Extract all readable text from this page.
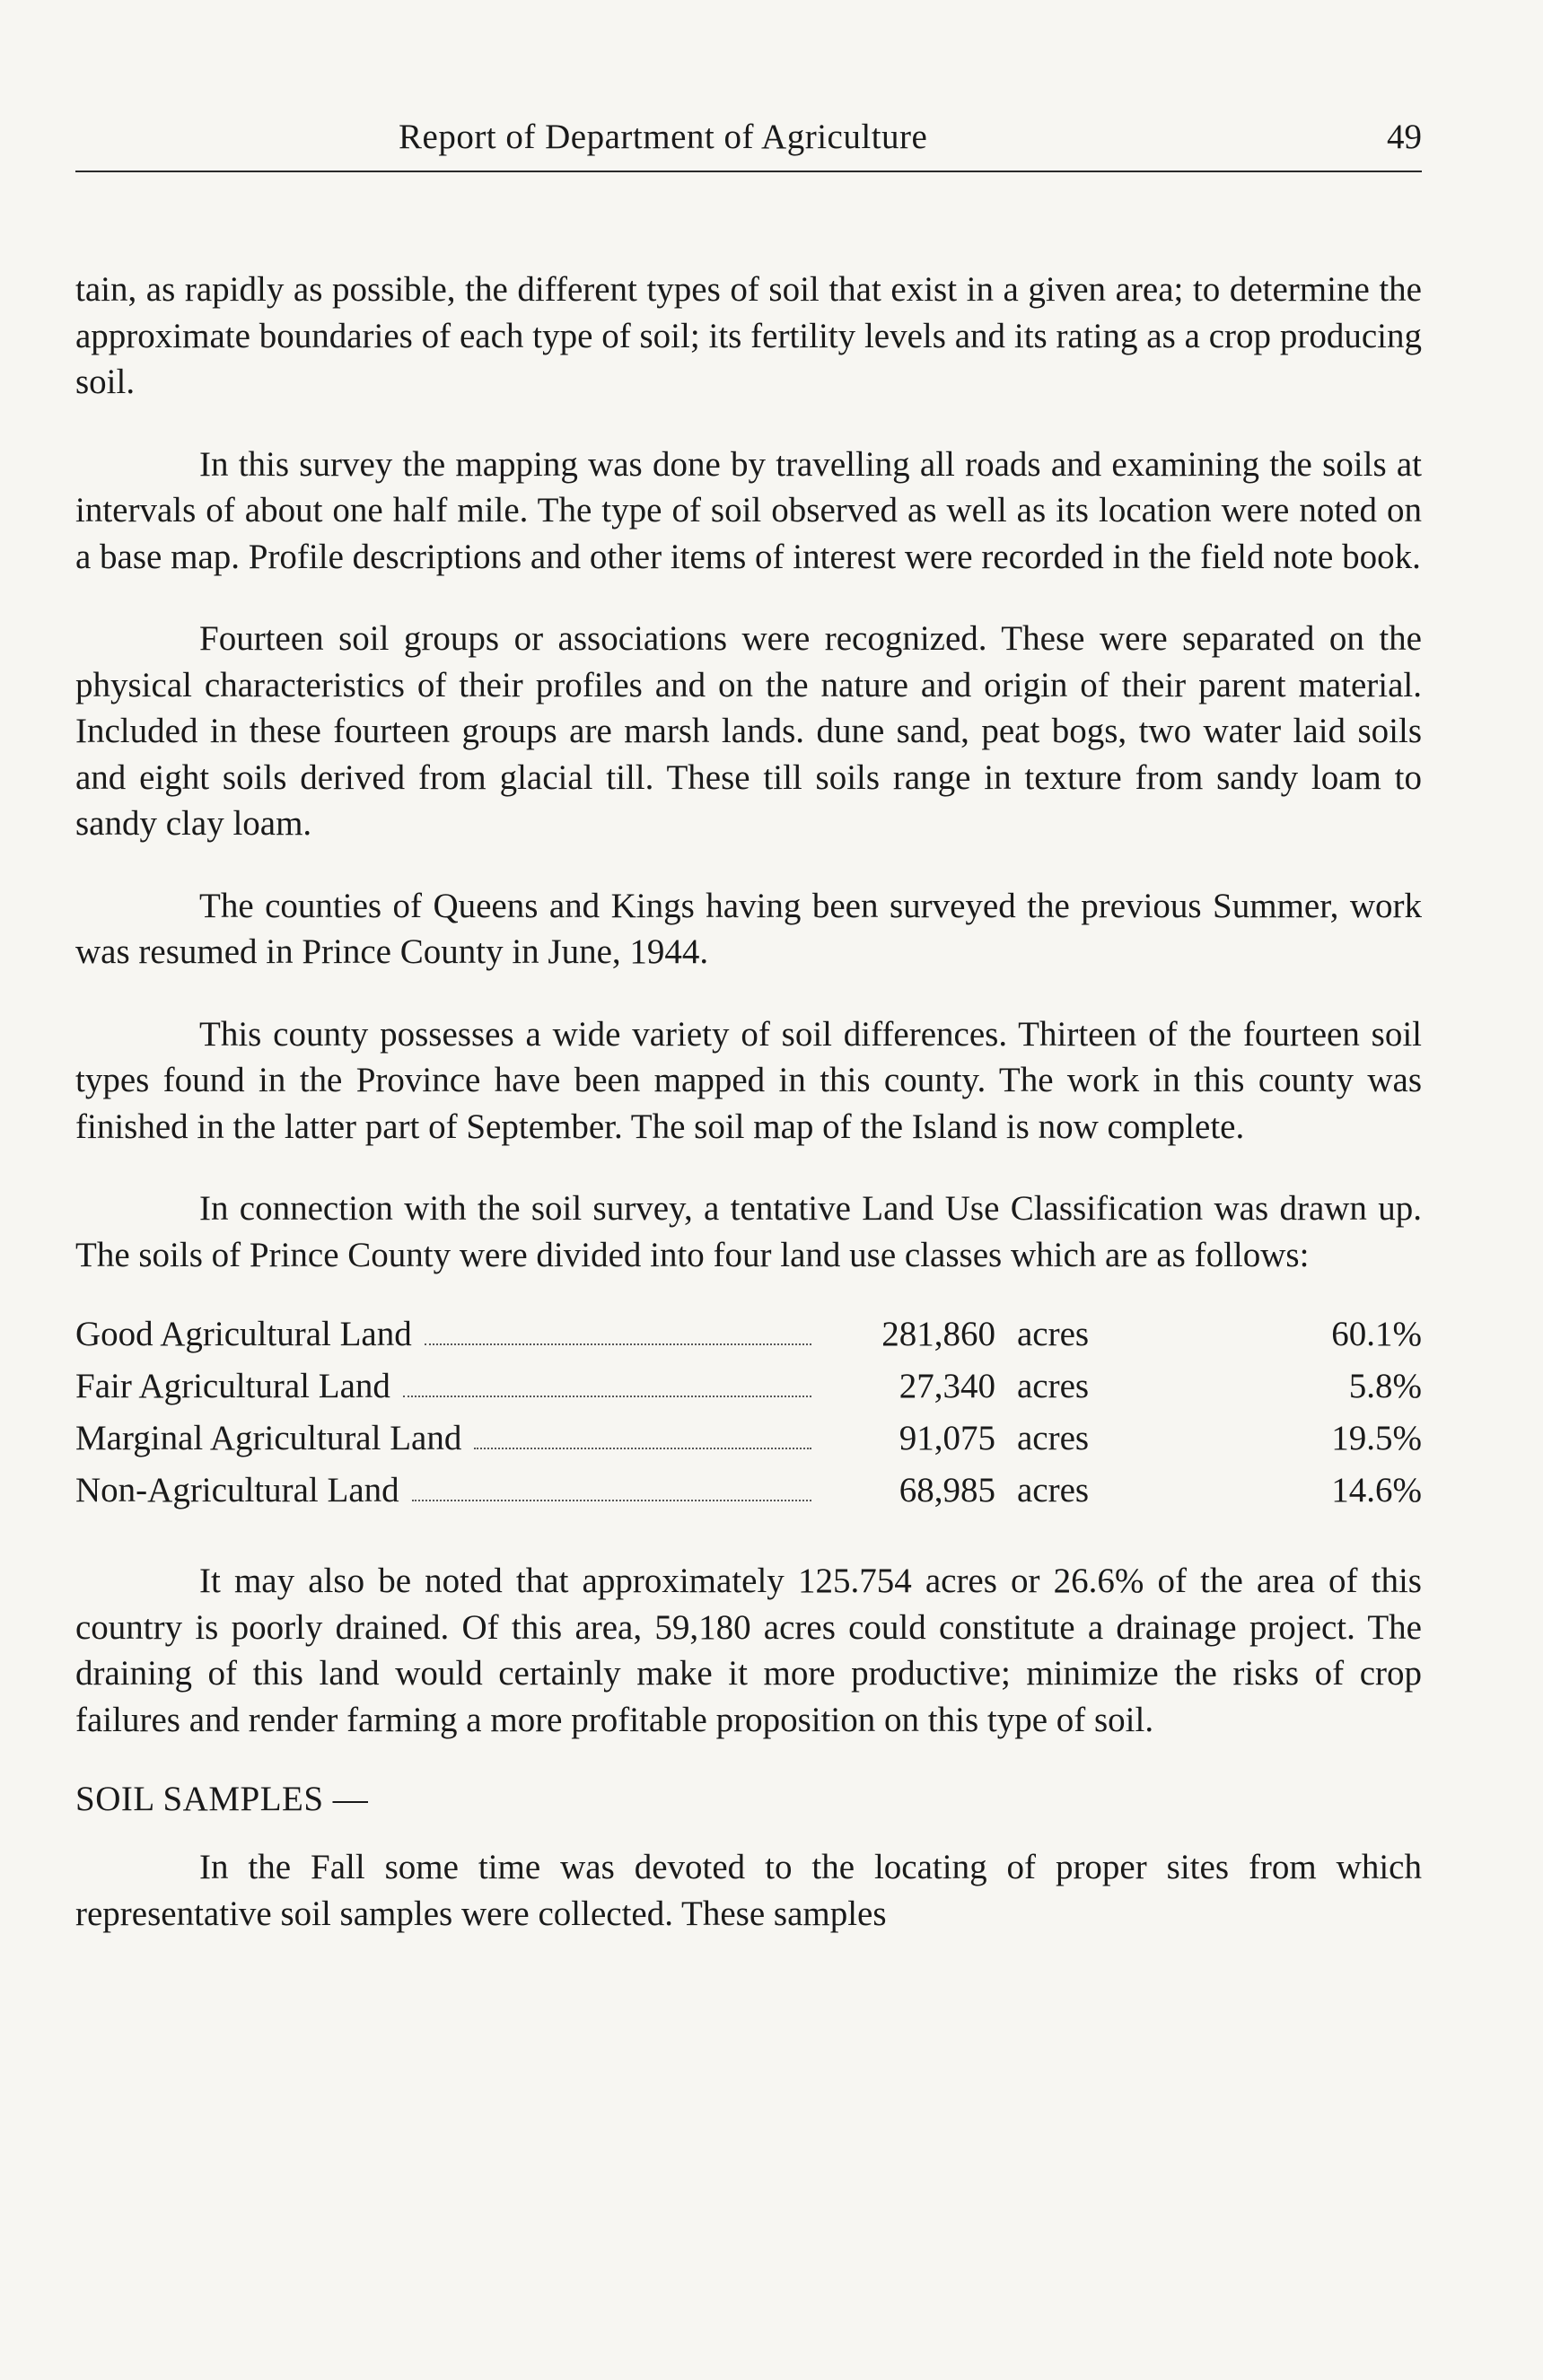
Report of Department of Agriculture	49

tain, as rapidly as possible, the different types of soil that exist in a given area; to determine the approximate boundaries of each type of soil; its fertility levels and its rating as a crop producing soil.

In this survey the mapping was done by travelling all roads and examining the soils at intervals of about one half mile. The type of soil observed as well as its location were noted on a base map. Profile descriptions and other items of interest were recorded in the field note book.

Fourteen soil groups or associations were recognized. These were separated on the physical characteristics of their profiles and on the nature and origin of their parent material. Included in these fourteen groups are marsh lands. dune sand, peat bogs, two water laid soils and eight soils derived from glacial till. These till soils range in texture from sandy loam to sandy clay loam.

The counties of Queens and Kings having been surveyed the previous Summer, work was resumed in Prince County in June, 1944.

This county possesses a wide variety of soil differences. Thirteen of the fourteen soil types found in the Province have been mapped in this county. The work in this county was finished in the latter part of September. The soil map of the Island is now complete.

In connection with the soil survey, a tentative Land Use Classification was drawn up. The soils of Prince County were divided into four land use classes which are as follows:

Good Agricultural Land	281,860	acres	60.1%

Fair Agricultural Land	27,340	acres	5.8%

Marginal Agricultural Land	91,075	acres	19.5%

Non-Agricultural Land	68,985	acres	14.6%

It may also be noted that approximately 125.754 acres or 26.6% of the area of this country is poorly drained. Of this area, 59,180 acres could constitute a drainage project. The draining of this land would certainly make it more productive; minimize the risks of crop failures and render farming a more profitable proposition on this type of soil.

SOIL SAMPLES —

In the Fall some time was devoted to the locating of proper sites from which representative soil samples were collected. These samples
